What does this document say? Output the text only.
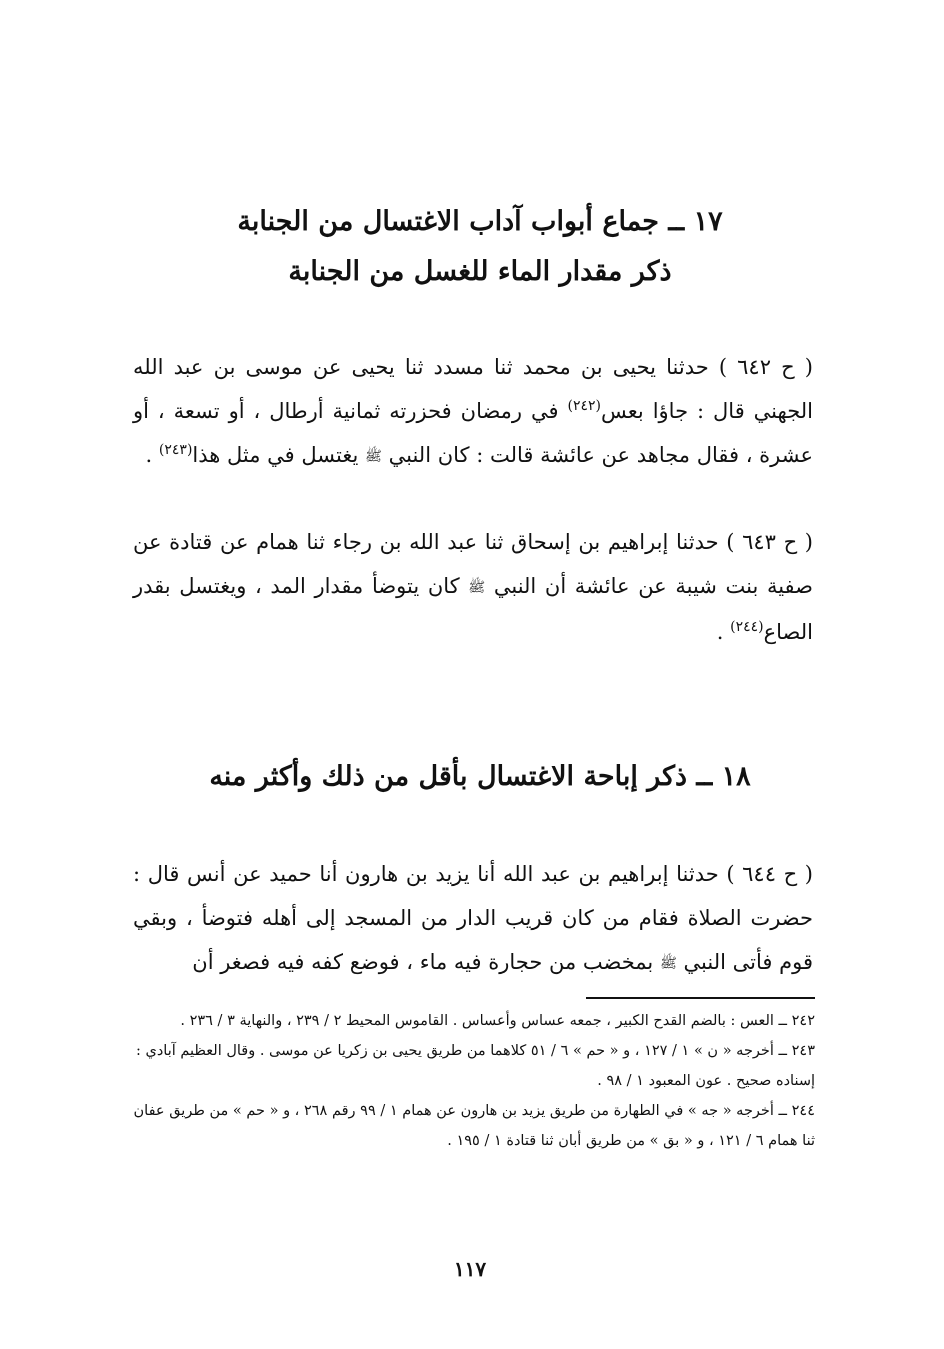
١٧ ــ جماع أبواب آداب الاغتسال من الجنابة
ذكر مقدار الماء للغسل من الجنابة

( ح ٦٤٢ ) حدثنا يحيى بن محمد ثنا مسدد ثنا يحيى عن موسى بن عبد الله الجهني قال : جاؤا بعس$^{(٢٤٢)}$ في رمضان فحزرته ثمانية أرطال ، أو تسعة ، أو عشرة ، فقال مجاهد عن عائشة قالت : كان النبي ﷺ يغتسل في مثل هذا$^{(٢٤٣)}$ .

( ح ٦٤٣ ) حدثنا إبراهيم بن إسحاق ثنا عبد الله بن رجاء ثنا همام عن قتادة عن صفية بنت شيبة عن عائشة أن النبي ﷺ كان يتوضأ مقدار المد ، ويغتسل بقدر الصاع$^{(٢٤٤)}$ .

١٨ ــ ذكر إباحة الاغتسال بأقل من ذلك وأكثر منه

( ح ٦٤٤ ) حدثنا إبراهيم بن عبد الله أنا يزيد بن هارون أنا حميد عن أنس قال : حضرت الصلاة فقام من كان قريب الدار من المسجد إلى أهله فتوضأ ، وبقي قوم فأتى النبي ﷺ بمخضب من حجارة فيه ماء ، فوضع كفه فيه فصغر أن

٢٤٢ ــ العس : بالضم القدح الكبير ، جمعه عساس وأعساس . القاموس المحيط ٢ / ٢٣٩ ، والنهاية ٣ / ٢٣٦ .

٢٤٣ ــ أخرجه « ن » ١ / ١٢٧ ، و « حم » ٦ / ٥١ كلاهما من طريق يحيى بن زكريا عن موسى . وقال العظيم آبادي : إسناده صحيح . عون المعبود ١ / ٩٨ .

٢٤٤ ــ أخرجه « جه » في الطهارة من طريق يزيد بن هارون عن همام ١ / ٩٩ رقم ٢٦٨ ، و « حم » من طريق عفان ثنا همام ٦ / ١٢١ ، و « بق » من طريق أبان ثنا قتادة ١ / ١٩٥ .

١١٧
